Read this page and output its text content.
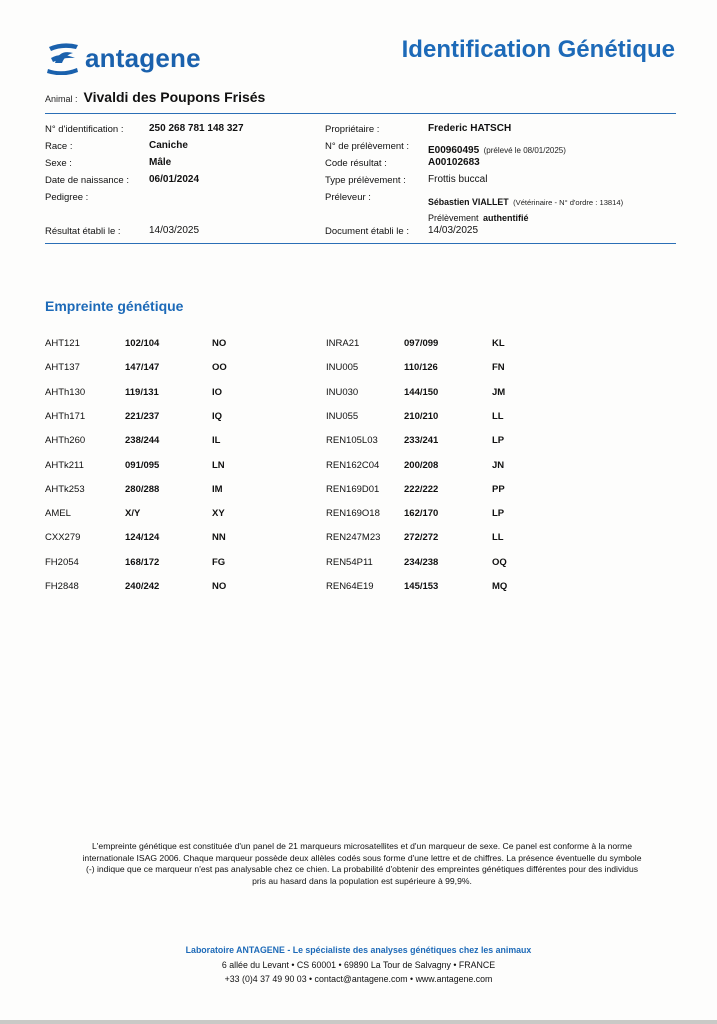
antagene	Identification Génétique
Animal : Vivaldi des Poupons Frisés
N° d'identification :	250 268 781 148 327
Race :	Caniche
Sexe :	Mâle
Date de naissance : 06/01/2024
Pedigree :
Résultat établi le :	14/03/2025
Propriétaire :	Frederic HATSCH
N° de prélèvement : E00960495 (prélevé le 08/01/2025)
Code résultat :	A00102683
Type prélèvement : Frottis buccal
Préleveur :	Sébastien VIALLET (Vétérinaire - N° d'ordre : 13814)
Prélèvement authentifié
Document établi le : 14/03/2025
Empreinte génétique
AHT121	102/104	NO
AHT137	147/147	OO
AHTh130	119/131	IO
AHTh171	221/237	IQ
AHTh260	238/244	IL
AHTk211	091/095	LN
AHTk253	280/288	IM
AMEL	X/Y	XY
CXX279	124/124	NN
FH2054	168/172	FG
FH2848	240/242	NO
INRA21	097/099	KL
INU005	110/126	FN
INU030	144/150	JM
INU055	210/210	LL
REN105L03	233/241	LP
REN162C04	200/208	JN
REN169D01	222/222	PP
REN169O18	162/170	LP
REN247M23 272/272	LL
REN54P11	234/238	OQ
REN64E19	145/153	MQ
L'empreinte génétique est constituée d'un panel de 21 marqueurs microsatellites et d'un marqueur de sexe. Ce panel est conforme à la norme
internationale ISAG 2006. Chaque marqueur possède deux allèles codés sous forme d'une lettre et de chiffres. La présence éventuelle du symbole
(-) indique que ce marqueur n'est pas analysable chez ce chien. La probabilité d'obtenir des empreintes génétiques différentes pour des individus
pris au hasard dans la population est supérieure à 99,9%.
Laboratoire ANTAGENE - Le spécialiste des analyses génétiques chez les animaux
6 allée du Levant • CS 60001 • 69890 La Tour de Salvagny • FRANCE
+33 (0)4 37 49 90 03 • contact@antagene.com • www.antagene.com
